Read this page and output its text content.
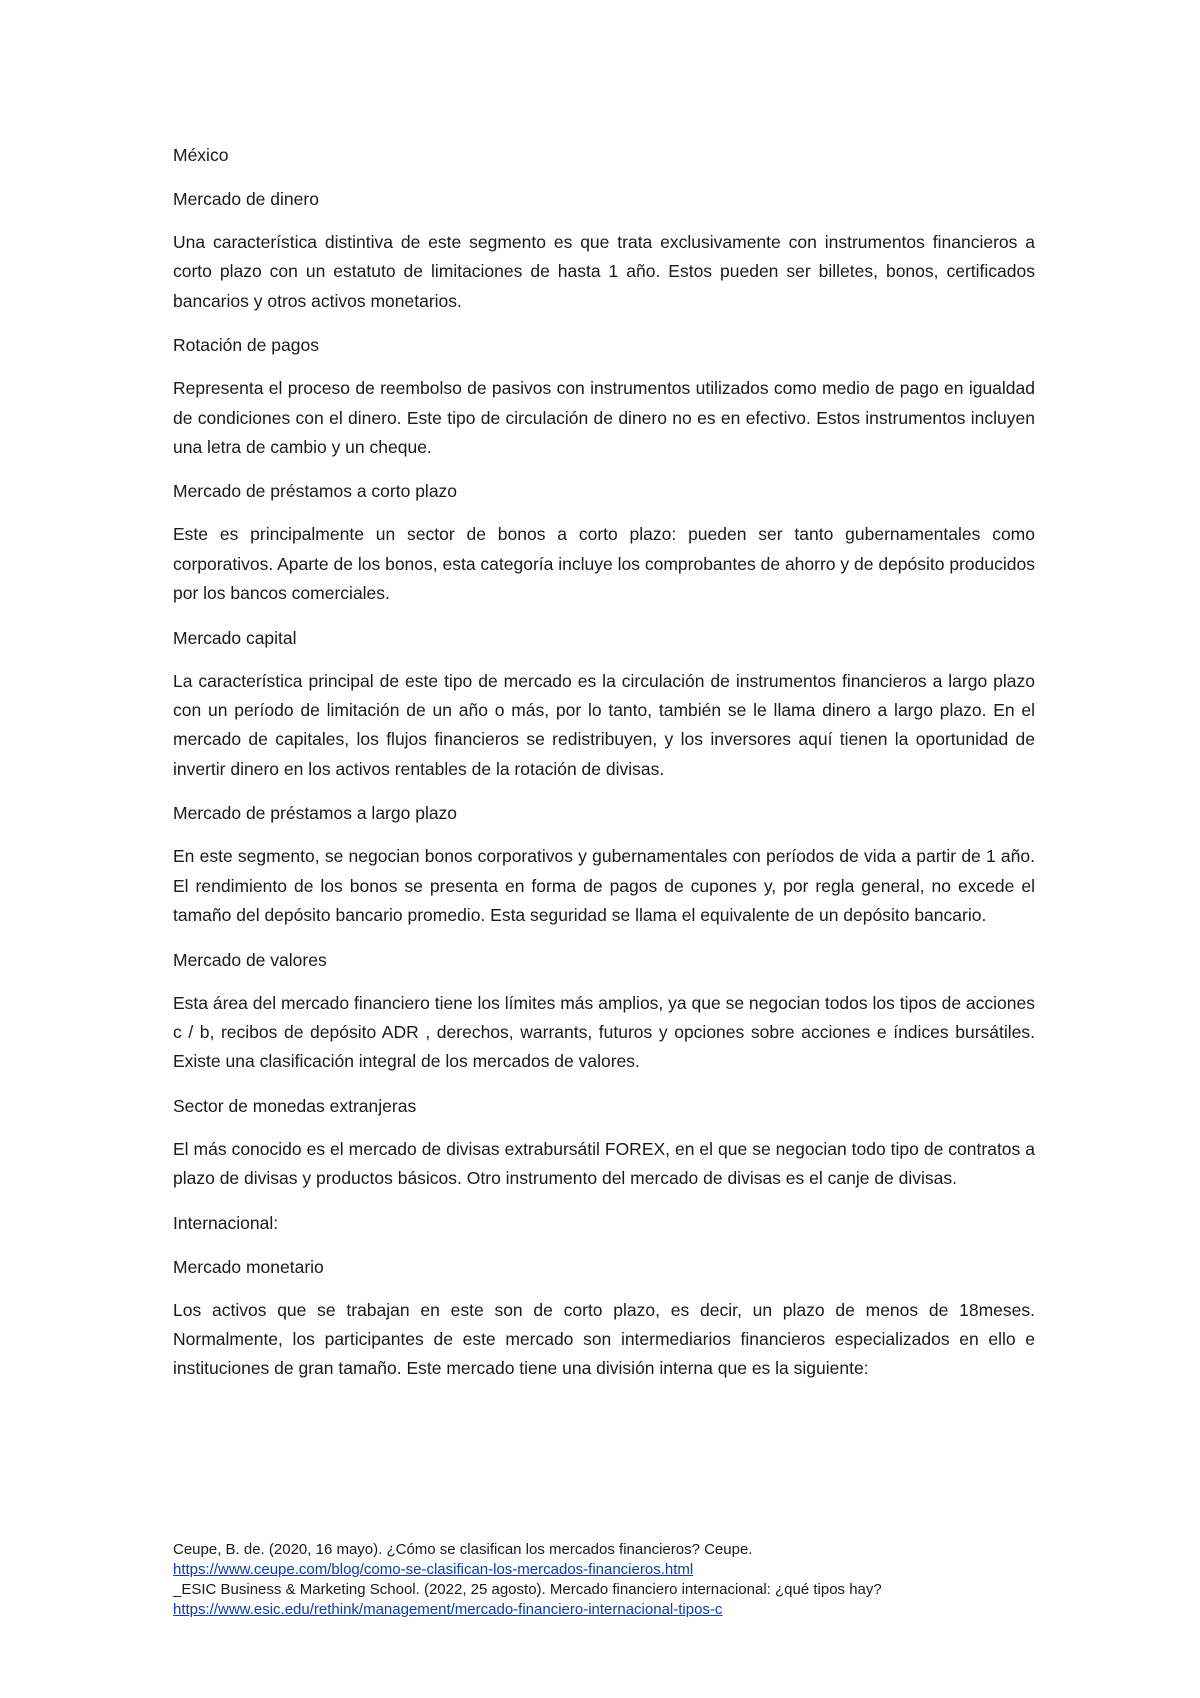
México

Mercado de dinero

Una característica distintiva de este segmento es que trata exclusivamente con instrumentos financieros a corto plazo con un estatuto de limitaciones de hasta 1 año. Estos pueden ser billetes, bonos, certificados bancarios y otros activos monetarios.

Rotación de pagos

Representa el proceso de reembolso de pasivos con instrumentos utilizados como medio de pago en igualdad de condiciones con el dinero. Este tipo de circulación de dinero no es en efectivo. Estos instrumentos incluyen una letra de cambio y un cheque.

Mercado de préstamos a corto plazo

Este es principalmente un sector de bonos a corto plazo: pueden ser tanto gubernamentales como corporativos. Aparte de los bonos, esta categoría incluye los comprobantes de ahorro y de depósito producidos por los bancos comerciales.

Mercado capital

La característica principal de este tipo de mercado es la circulación de instrumentos financieros a largo plazo con un período de limitación de un año o más, por lo tanto, también se le llama dinero a largo plazo. En el mercado de capitales, los flujos financieros se redistribuyen, y los inversores aquí tienen la oportunidad de invertir dinero en los activos rentables de la rotación de divisas.

Mercado de préstamos a largo plazo

En este segmento, se negocian bonos corporativos y gubernamentales con períodos de vida a partir de 1 año. El rendimiento de los bonos se presenta en forma de pagos de cupones y, por regla general, no excede el tamaño del depósito bancario promedio. Esta seguridad se llama el equivalente de un depósito bancario.

Mercado de valores

Esta área del mercado financiero tiene los límites más amplios, ya que se negocian todos los tipos de acciones c / b, recibos de depósito ADR , derechos, warrants, futuros y opciones sobre acciones e índices bursátiles. Existe una clasificación integral de los mercados de valores.

Sector de monedas extranjeras

El más conocido es el mercado de divisas extrabursátil FOREX, en el que se negocian todo tipo de contratos a plazo de divisas y productos básicos. Otro instrumento del mercado de divisas es el canje de divisas.

Internacional:

Mercado monetario

Los activos que se trabajan en este son de corto plazo, es decir, un plazo de menos de 18meses. Normalmente, los participantes de este mercado son intermediarios financieros especializados en ello e instituciones de gran tamaño. Este mercado tiene una división interna que es la siguiente:

Ceupe, B. de. (2020, 16 mayo). ¿Cómo se clasifican los mercados financieros? Ceupe.

https://www.ceupe.com/blog/como-se-clasifican-los-mercados-financieros.html

_ESIC Business & Marketing School. (2022, 25 agosto). Mercado financiero internacional: ¿qué tipos hay?

https://www.esic.edu/rethink/management/mercado-financiero-internacional-tipos-c
